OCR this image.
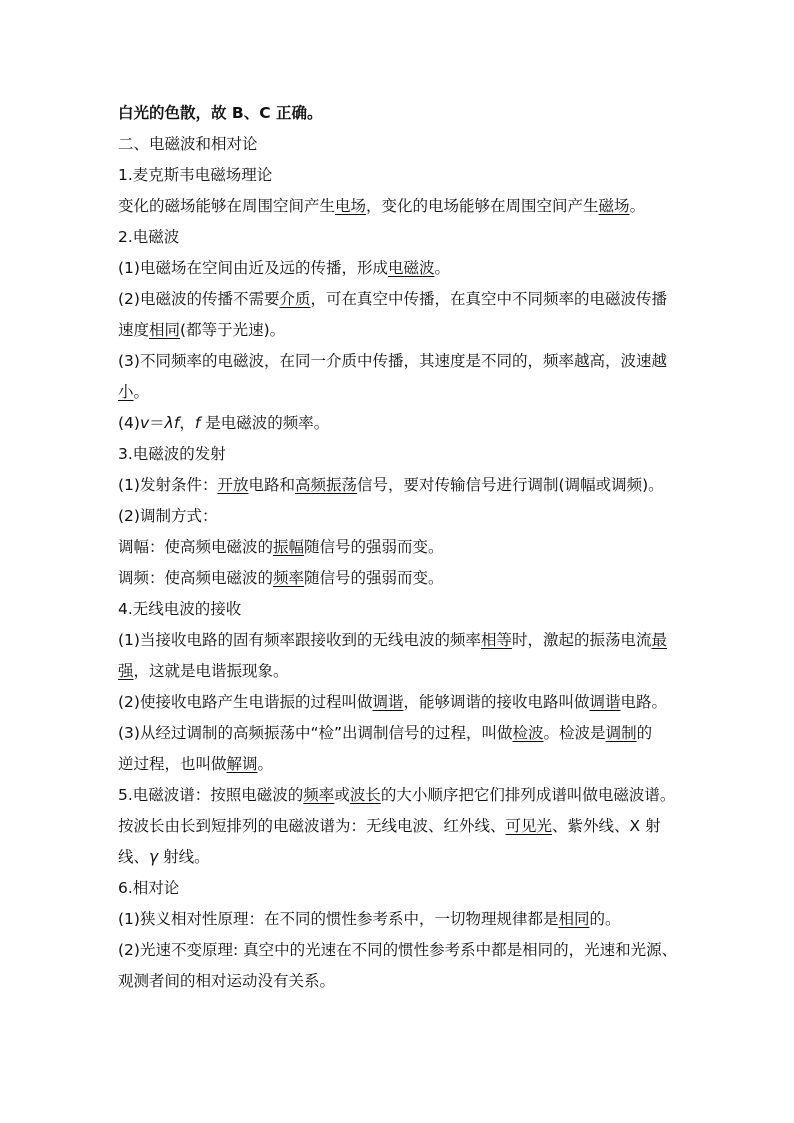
白光的色散，故 B、C 正确。
二、电磁波和相对论
1.麦克斯韦电磁场理论
变化的磁场能够在周围空间产生电场，变化的电场能够在周围空间产生磁场。
2.电磁波
(1)电磁场在空间由近及远的传播，形成电磁波。
(2)电磁波的传播不需要介质，可在真空中传播，在真空中不同频率的电磁波传播
速度相同(都等于光速)。
(3)不同频率的电磁波，在同一介质中传播，其速度是不同的，频率越高，波速越
小。
(4)v＝λf，f 是电磁波的频率。
3.电磁波的发射
(1)发射条件：开放电路和高频振荡信号，要对传输信号进行调制(调幅或调频)。
(2)调制方式：
调幅：使高频电磁波的振幅随信号的强弱而变。
调频：使高频电磁波的频率随信号的强弱而变。
4.无线电波的接收
(1)当接收电路的固有频率跟接收到的无线电波的频率相等时，激起的振荡电流最
强，这就是电谐振现象。
(2)使接收电路产生电谐振的过程叫做调谐，能够调谐的接收电路叫做调谐电路。
(3)从经过调制的高频振荡中“检”出调制信号的过程，叫做检波。检波是调制的
逆过程，也叫做解调。
5.电磁波谱：按照电磁波的频率或波长的大小顺序把它们排列成谱叫做电磁波谱。
按波长由长到短排列的电磁波谱为：无线电波、红外线、可见光、紫外线、X 射
线、γ 射线。
6.相对论
(1)狭义相对性原理：在不同的惯性参考系中，一切物理规律都是相同的。
(2)光速不变原理: 真空中的光速在不同的惯性参考系中都是相同的，光速和光源、
观测者间的相对运动没有关系。
